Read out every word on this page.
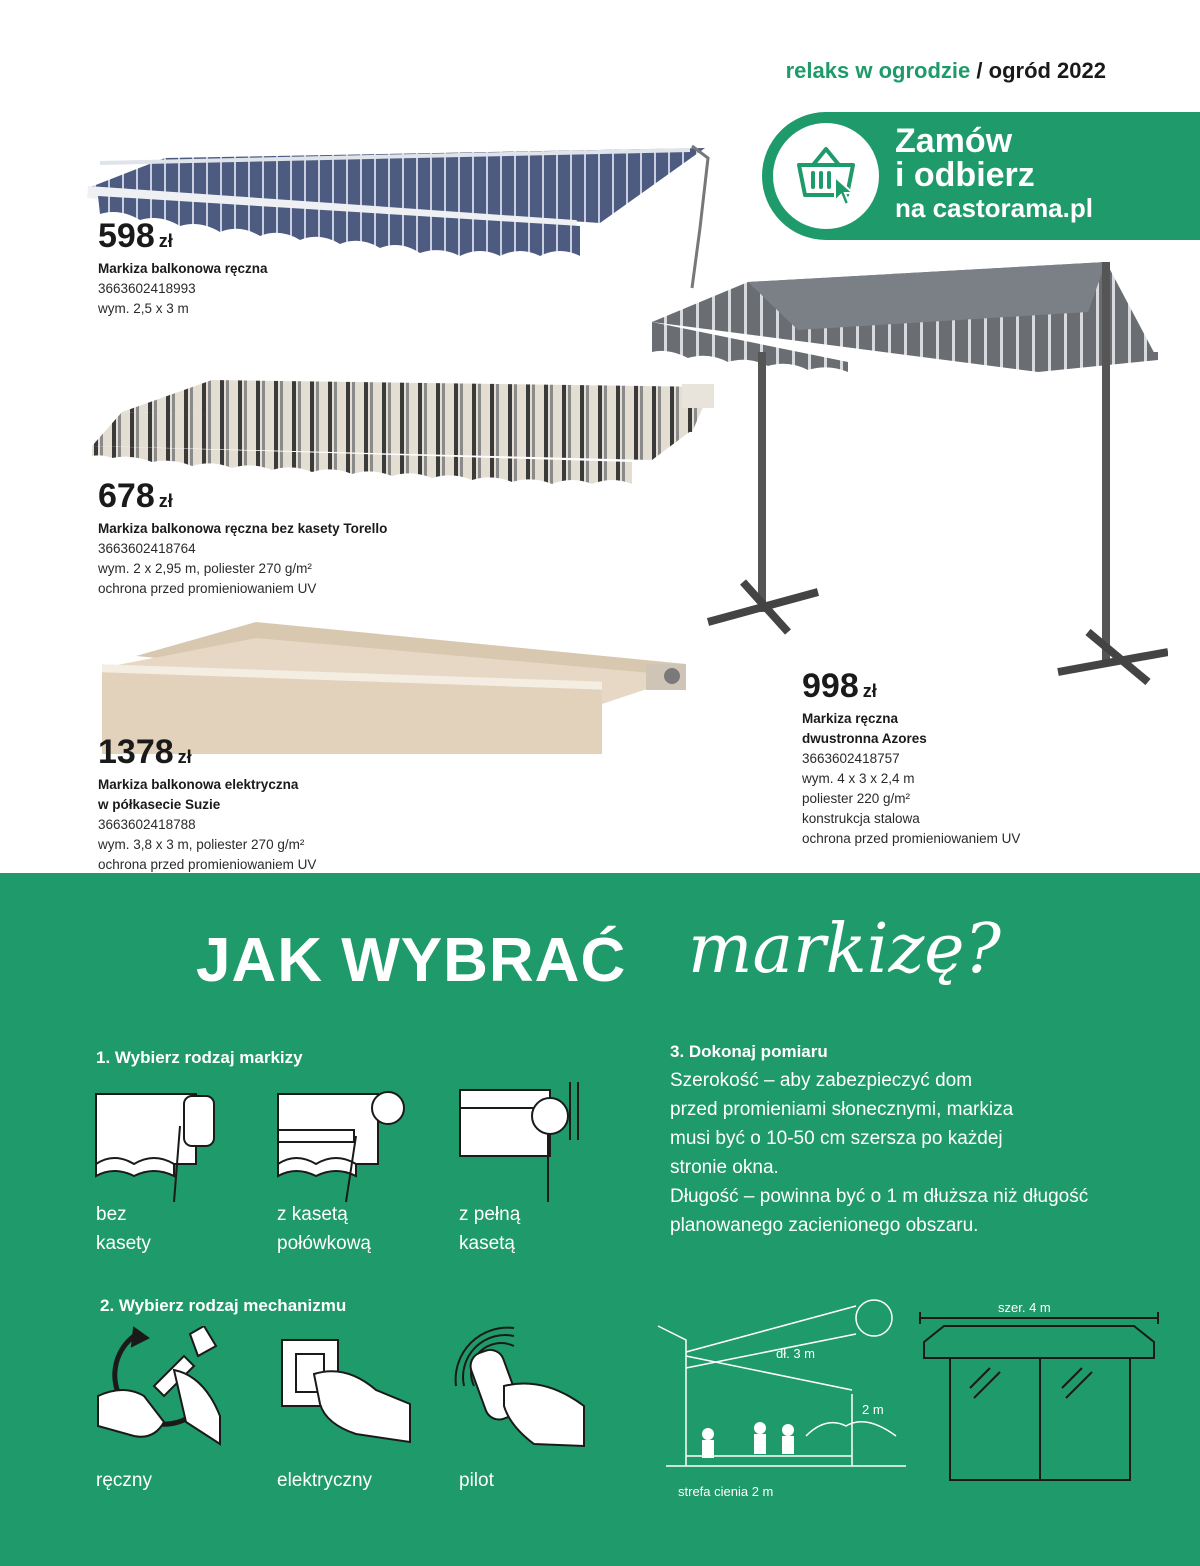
relaks w ogrodzie / ogród 2022
Zamów
i odbierz
na castorama.pl
598 zł
Markiza balkonowa ręczna
3663602418993
wym. 2,5 x 3 m
678 zł
Markiza balkonowa ręczna bez kasety Torello
3663602418764
wym. 2 x 2,95 m, poliester 270 g/m²
ochrona przed promieniowaniem UV
1378 zł
Markiza balkonowa elektryczna
w półkasecie Suzie
3663602418788
wym. 3,8 x 3 m, poliester 270 g/m²
ochrona przed promieniowaniem UV
998 zł
Markiza ręczna
dwustronna Azores
3663602418757
wym. 4 x 3 x 2,4 m
poliester 220 g/m²
konstrukcja stalowa
ochrona przed promieniowaniem UV
JAK WYBRAĆ markizę?
1. Wybierz rodzaj markizy
bez
kasety
z kasetą
połówkową
z pełną
kasetą
2. Wybierz rodzaj mechanizmu
ręczny	elektryczny	pilot
3. Dokonaj pomiaru
Szerokość – aby zabezpieczyć dom
przed promieniami słonecznymi, markiza
musi być o 10-50 cm szersza po każdej
stronie okna.
Długość – powinna być o 1 m dłuższa niż długość
planowanego zacienionego obszaru.
dł. 3 m
2 m
strefa cienia 2 m
szer. 4 m
